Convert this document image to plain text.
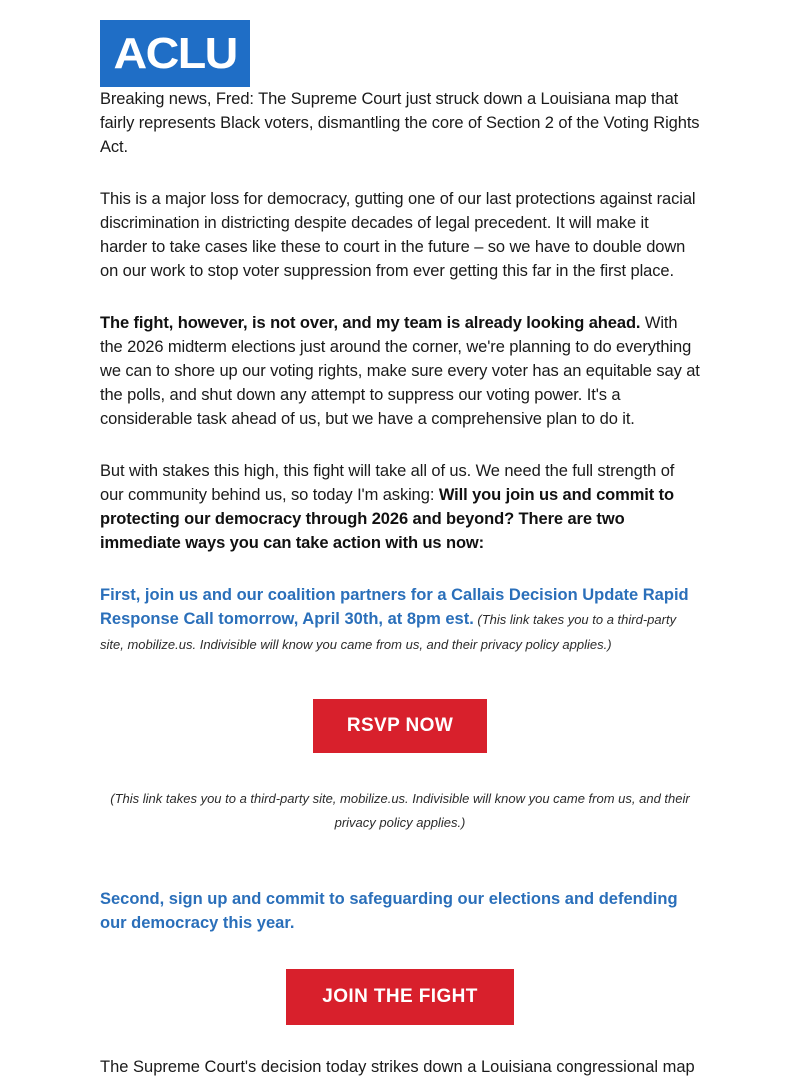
ACLU

Breaking news, Fred: The Supreme Court just struck down a Louisiana map that fairly represents Black voters, dismantling the core of Section 2 of the Voting Rights Act.

This is a major loss for democracy, gutting one of our last protections against racial discrimination in districting despite decades of legal precedent. It will make it harder to take cases like these to court in the future – so we have to double down on our work to stop voter suppression from ever getting this far in the first place.

The fight, however, is not over, and my team is already looking ahead. With the 2026 midterm elections just around the corner, we're planning to do everything we can to shore up our voting rights, make sure every voter has an equitable say at the polls, and shut down any attempt to suppress our voting power. It's a considerable task ahead of us, but we have a comprehensive plan to do it.

But with stakes this high, this fight will take all of us. We need the full strength of our community behind us, so today I'm asking: Will you join us and commit to protecting our democracy through 2026 and beyond? There are two immediate ways you can take action with us now:

First, join us and our coalition partners for a Callais Decision Update Rapid Response Call tomorrow, April 30th, at 8pm est. (This link takes you to a third-party site, mobilize.us. Indivisible will know you came from us, and their privacy policy applies.)

RSVP NOW

(This link takes you to a third-party site, mobilize.us. Indivisible will know you came from us, and their privacy policy applies.)

Second, sign up and commit to safeguarding our elections and defending our democracy this year.

JOIN THE FIGHT

The Supreme Court's decision today strikes down a Louisiana congressional map
